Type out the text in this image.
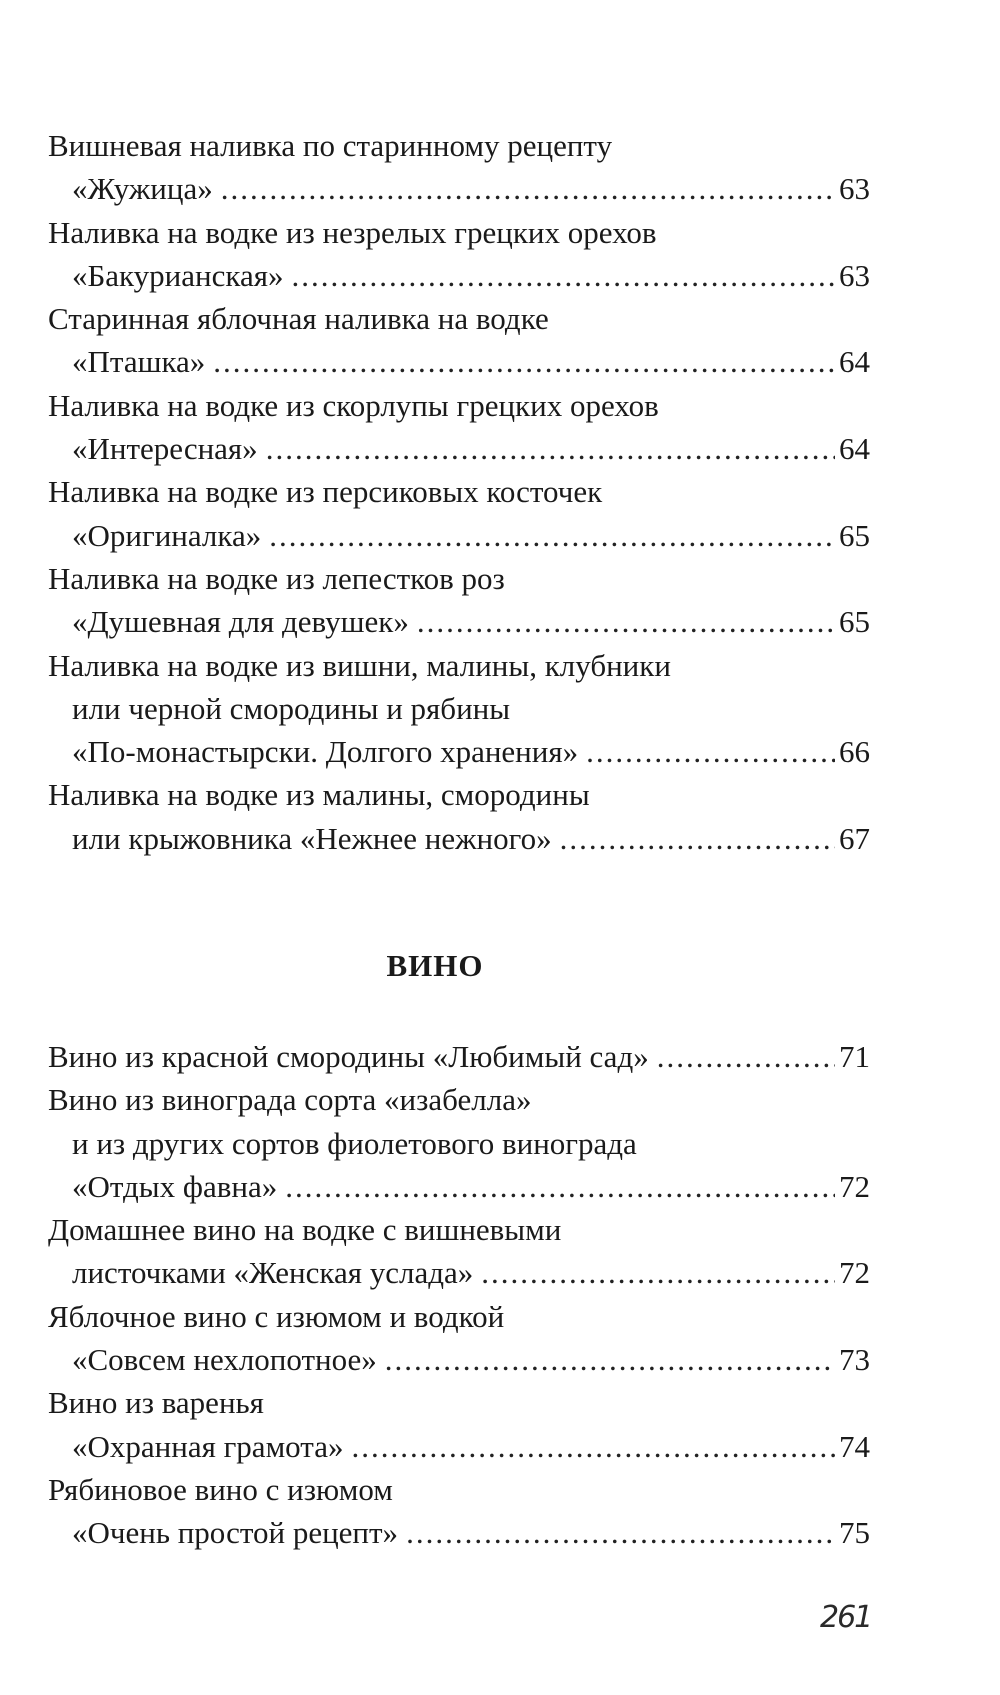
Вишневая наливка по старинному рецепту
«Жужица» .....	63
Наливка на водке из незрелых грецких орехов
«Бакурианская» .....	63
Старинная яблочная наливка на водке
«Пташка» .....	64
Наливка на водке из скорлупы грецких орехов
«Интересная» .....	64
Наливка на водке из персиковых косточек
«Оригиналка» .....	65
Наливка на водке из лепестков роз
«Душевная для девушек» .....	65
Наливка на водке из вишни, малины, клубники
или черной смородины и рябины
«По-монастырски. Долгого хранения» .....	66
Наливка на водке из малины, смородины
или крыжовника «Нежнее нежного» .....	67
ВИНО
Вино из красной смородины «Любимый сад» .....	71
Вино из винограда сорта «изабелла»
и из других сортов фиолетового винограда
«Отдых фавна» .....	72
Домашнее вино на водке с вишневыми
листочками «Женская услада» .....	72
Яблочное вино с изюмом и водкой
«Совсем нехлопотное» .....	73
Вино из варенья
«Охранная грамота» .....	74
Рябиновое вино с изюмом
«Очень простой рецепт» .....	75
261
